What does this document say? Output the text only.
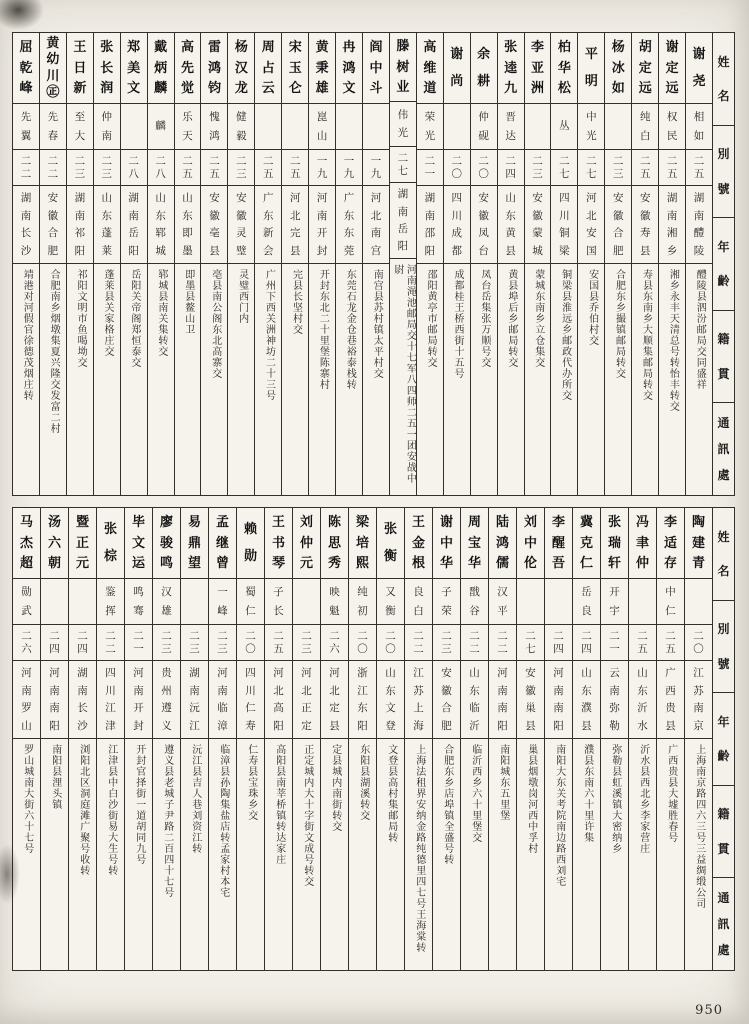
姓
名
別
號
年
齡
籍
貫
通
訊
處
谢
尧
相
如
二
五
湖
南
醴
陵
醴陵县泗汾邮局交同盛祥
谢
定
远
权
民
二
五
湖
南
湘
乡
湘乡永丰天清总号转怡丰转交
胡
定
远
纯
白
二
五
安
徽
寿
县
寿县东南乡大顺集邮局转交
杨
冰
如
二
三
安
徽
合
肥
合肥东乡撮镇邮局转交
平
明
中
光
二
七
河
北
安
国
安国县乔伯村交
柏
华
松
丛
二
七
四
川
铜
梁
铜梁县淮远乡邮政代办所交
李
亚
洲
二
三
安
徽
蒙
城
蒙城东南乡立仓集交
张
逵
九
晋
达
二
四
山
东
黄
县
黄县埠后乡邮局转交
余
耕
仲
砚
二
〇
安
徽
凤
台
凤台岳集张万顺号交
谢
尚
二
〇
四
川
成
都
成都桂王桥西街十五号
高
维
道
荣
光
二
一
湖
南
邵
阳
邵阳黄亭市邮局转交
滕
树
业
伟
光
二
七
湖
南
岳
阳
河南渑池邮局交十七军八四师二五一团安战中尉
阎
中
斗
一
九
河
北
南
宫
南宫县苏村镇太平村交
冉
鸿
文
一
九
广
东
东
莞
东莞石龙金仓巷裕泰栈转
黄
秉
雄
崑
山
一
九
河
南
开
封
开封东北二十里堡陈寨村
宋
玉
仑
二
五
河
北
完
县
完县长坚村交
周
占
云
二
五
广
东
新
会
广州下西关洲神坊二十三号
杨
汉
龙
健
毅
二
三
安
徽
灵
璧
灵璧西门内
雷
鸿
钧
愧
鸿
二
五
安
徽
亳
县
亳县南公阁东北高寨交
高
先
觉
乐
天
二
五
山
东
即
墨
即墨县鳌山卫
戴
炳
麟
麟
二
八
山
东
郓
城
郓城县南关集转交
郑
美
文
二
八
湖
南
岳
阳
岳阳关帝阁郑恒泰交
张
长
润
仲
南
二
三
山
东
蓬
莱
蓬莱县关家格庄交
王
日
新
至
大
二
三
湖
南
祁
阳
祁阳文明市鱼喝坳交
黄
幼
川
㊣
先
春
二
二
安
徽
合
肥
合肥南乡烟墩集夏兴隆交发富二村
屈
乾
峰
先
翼
二
二
湖
南
长
沙
靖港对河假官徐德茂烟庄转
姓
名
別
號
年
齡
籍
貫
通
訊
處
陶
建
青
二
〇
江
苏
南
京
上海南京路四六三号三益绸缎公司
李
适
存
中
仁
二
五
广
西
贵
县
广西贵县大墟胜春号
冯
聿
仲
二
五
山
东
沂
水
沂水县西北乡李家营庄
张
瑞
轩
开
宇
二
一
云
南
弥
勒
弥勒县虹溪镇大密纳乡
冀
克
仁
岳
良
二
四
山
东
濮
县
濮县东南六十里许集
李
醒
吾
二
四
河
南
南
阳
南阳大东关考院南边路西刘宅
刘
中
伦
二
七
安
徽
巢
县
巢县烟墩岗河西中孚村
陆
鸿
儒
汉
平
二
二
河
南
南
阳
南阳城东五里堡
周
宝
华
戬
谷
二
二
山
东
临
沂
临沂西乡六十里堡交
谢
中
华
子
荣
二
三
安
徽
合
肥
合肥东乡店埠镇全盛号转
王
金
根
良
白
二
二
江
苏
上
海
上海法租界安纳金路纯德里四七号王海棠转
张
衡
又
衡
二
〇
山
东
文
登
文登县高村集邮局转
梁
培
熙
纯
初
二
〇
浙
江
东
阳
东阳县湖溪转交
陈
思
秀
映
魁
二
六
河
北
定
县
定县城内南街转交
刘
仲
元
二
三
河
北
正
定
正定城内大十字街文成号转交
王
书
琴
子
长
二
五
河
北
高
阳
高阳县南莘桥镇转达家庄
赖
勋
蜀
仁
二
〇
四
川
仁
寿
仁寿县宝珠乡交
孟
继
曾
一
峰
二
三
河
南
临
漳
临漳县孙陶集盐店转孟家村本宅
易
鼎
望
二
三
湖
南
沅
江
沅江县吉人巷刘资江转
廖
骏
鸣
汉
雄
二
三
贵
州
遵
义
遵义县老城子尹路二百四十七号
毕
文
运
鸣
骞
二
一
河
南
开
封
开封官择街一道胡同九号
张
棕
鉴
挥
二
二
四
川
江
津
江津县中白沙街易大生号转
暨
正
元
二
四
湖
南
长
沙
浏阳北区洞庭滩广聚号收转
汤
六
朝
二
四
河
南
南
阳
南阳县浬头镇
马
杰
超
勋
武
二
六
河
南
罗
山
罗山城南大街六十七号
950
